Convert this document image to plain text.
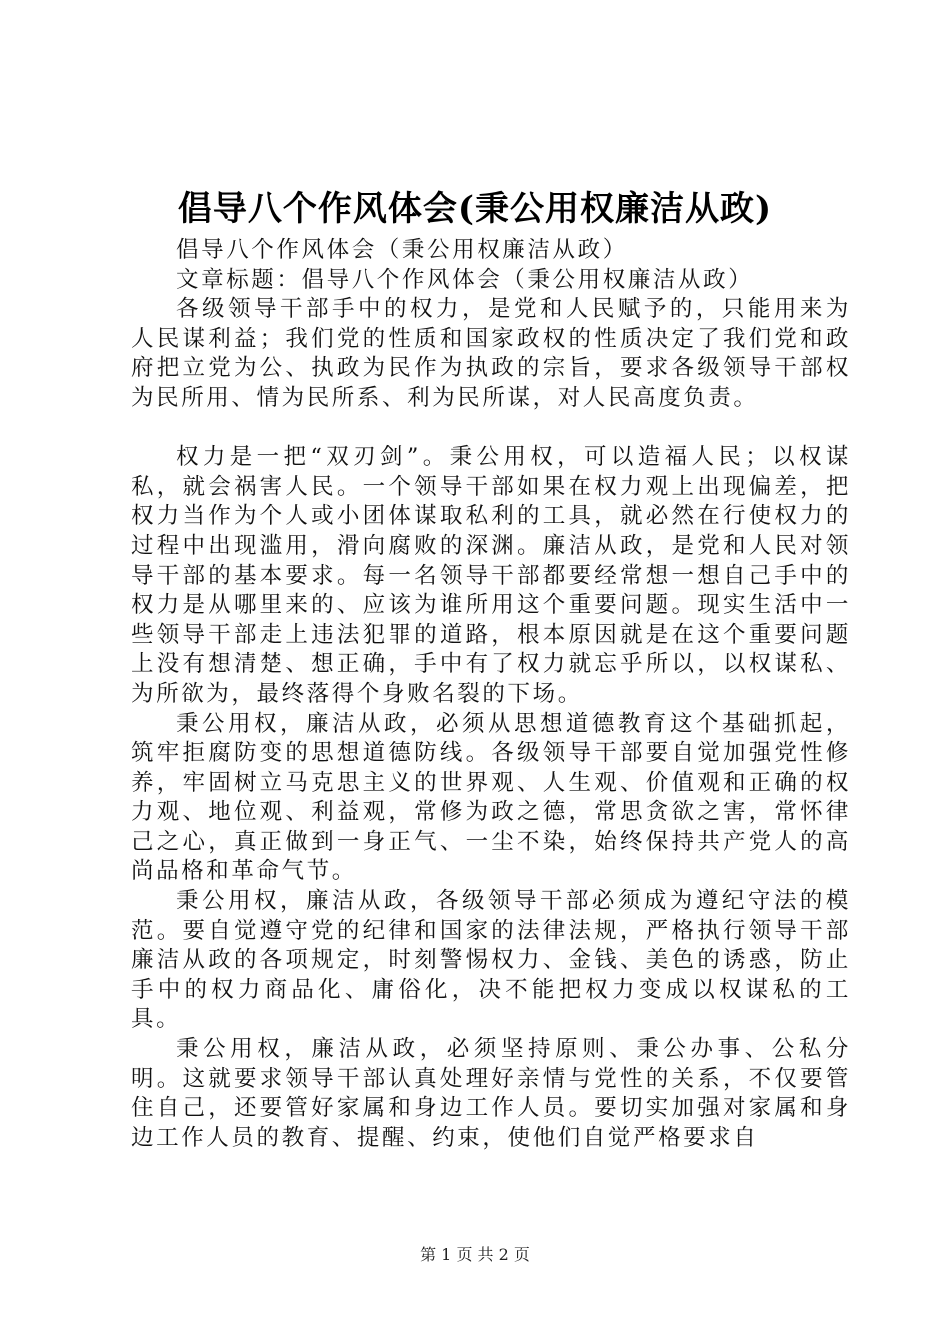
倡导八个作风体会(秉公用权廉洁从政)

倡导八个作风体会（秉公用权廉洁从政）

文章标题：倡导八个作风体会（秉公用权廉洁从政）

各级领导干部手中的权力，是党和人民赋予的，只能用来为人民谋利益；我们党的性质和国家政权的性质决定了我们党和政府把立党为公、执政为民作为执政的宗旨，要求各级领导干部权为民所用、情为民所系、利为民所谋，对人民高度负责。

权力是一把“双刃剑”。秉公用权，可以造福人民；以权谋私，就会祸害人民。一个领导干部如果在权力观上出现偏差，把权力当作为个人或小团体谋取私利的工具，就必然在行使权力的过程中出现滥用，滑向腐败的深渊。廉洁从政，是党和人民对领导干部的基本要求。每一名领导干部都要经常想一想自己手中的权力是从哪里来的、应该为谁所用这个重要问题。现实生活中一些领导干部走上违法犯罪的道路，根本原因就是在这个重要问题上没有想清楚、想正确，手中有了权力就忘乎所以，以权谋私、为所欲为，最终落得个身败名裂的下场。

秉公用权，廉洁从政，必须从思想道德教育这个基础抓起，筑牢拒腐防变的思想道德防线。各级领导干部要自觉加强党性修养，牢固树立马克思主义的世界观、人生观、价值观和正确的权力观、地位观、利益观，常修为政之德，常思贪欲之害，常怀律己之心，真正做到一身正气、一尘不染，始终保持共产党人的高尚品格和革命气节。

秉公用权，廉洁从政，各级领导干部必须成为遵纪守法的模范。要自觉遵守党的纪律和国家的法律法规，严格执行领导干部廉洁从政的各项规定，时刻警惕权力、金钱、美色的诱惑，防止手中的权力商品化、庸俗化，决不能把权力变成以权谋私的工具。

秉公用权，廉洁从政，必须坚持原则、秉公办事、公私分明。这就要求领导干部认真处理好亲情与党性的关系，不仅要管住自己，还要管好家属和身边工作人员。要切实加强对家属和身边工作人员的教育、提醒、约束，使他们自觉严格要求自

第 1 页 共 2 页
